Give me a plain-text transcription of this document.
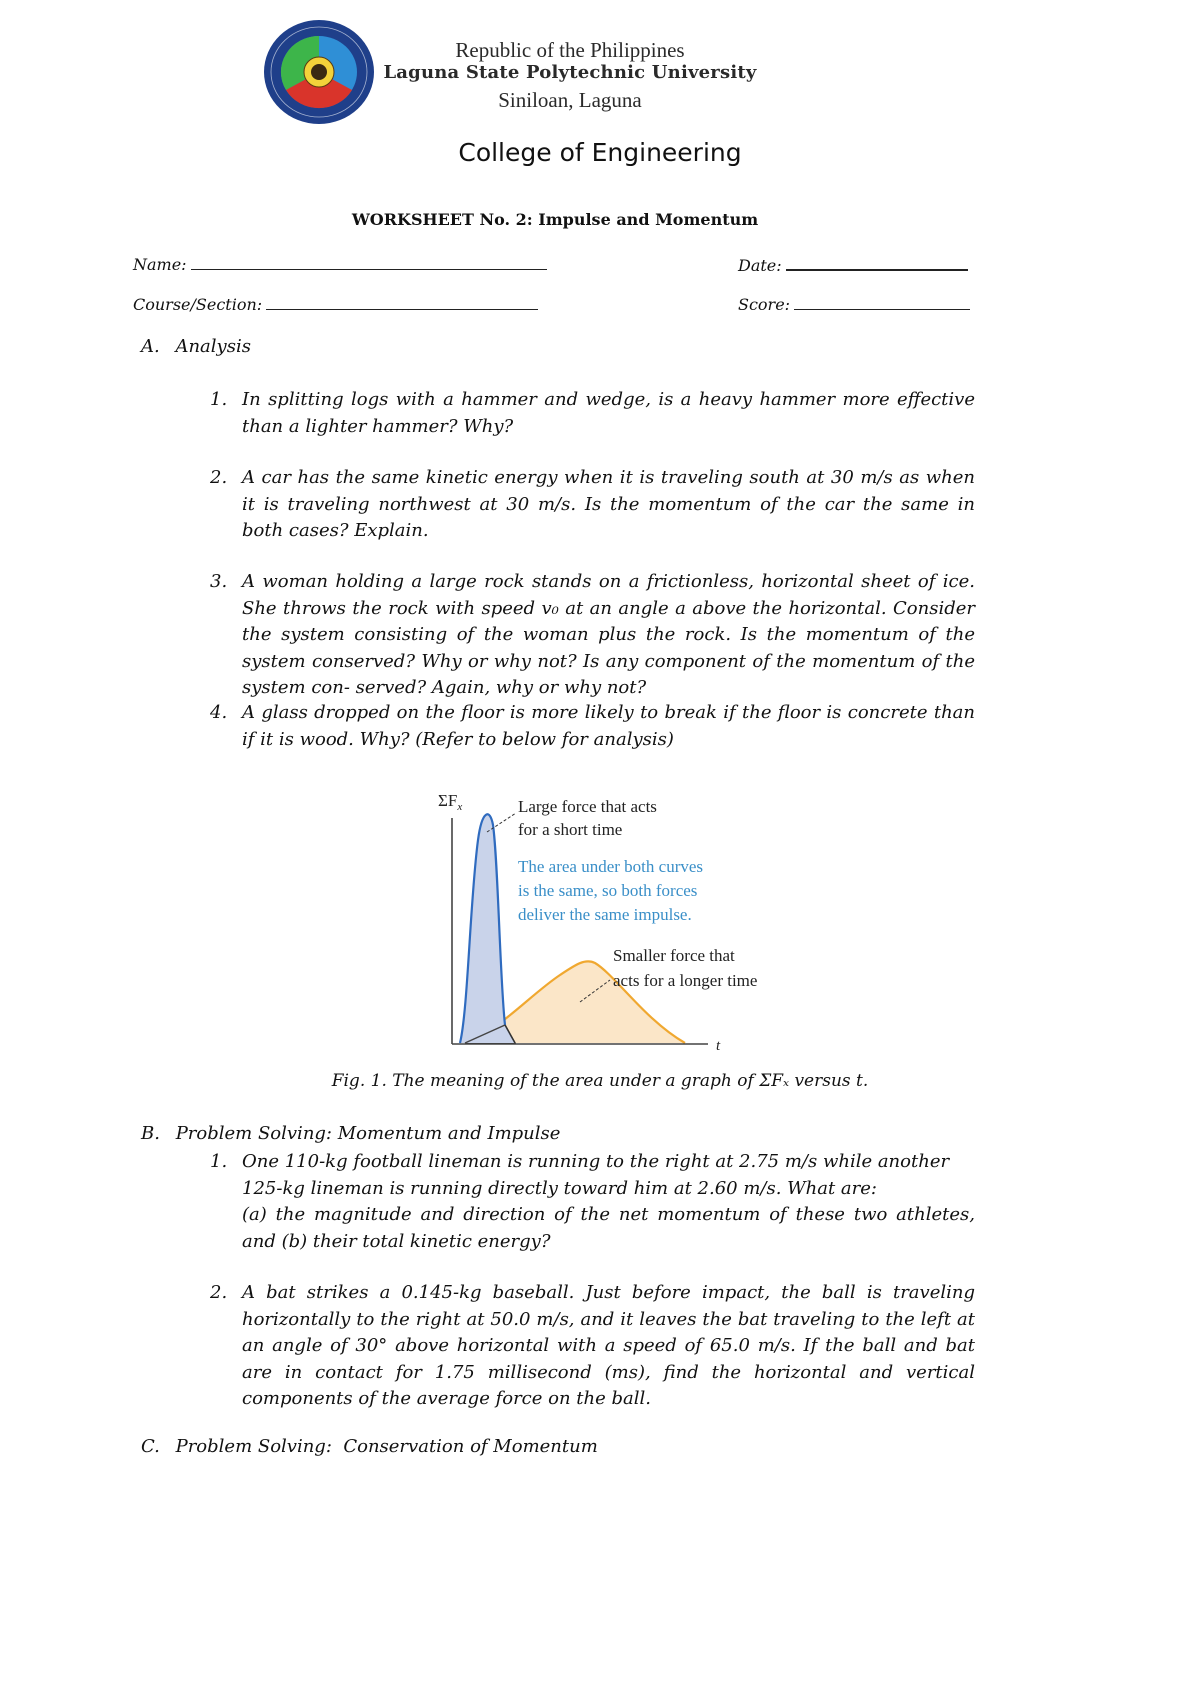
Republic of the Philippines
Laguna State Polytechnic University
Siniloan, Laguna
College of Engineering
WORKSHEET No. 2: Impulse and Momentum
Name:	Date:
Course/Section:	Score:
A. Analysis
1. In splitting logs with a hammer and wedge, is a heavy hammer more effective than a lighter hammer? Why?
2. A car has the same kinetic energy when it is traveling south at 30 m/s as when it is traveling northwest at 30 m/s. Is the momentum of the car the same in both cases? Explain.
3. A woman holding a large rock stands on a frictionless, horizontal sheet of ice. She throws the rock with speed v₀ at an angle a above the horizontal. Consider the system consisting of the woman plus the rock. Is the momentum of the system conserved? Why or why not? Is any component of the momentum of the system con- served? Again, why or why not?
4. A glass dropped on the floor is more likely to break if the floor is concrete than if it is wood. Why? (Refer to below for analysis)
$\Sigma F_x$
t
Large force that acts
for a short time
The area under both curves
is the same, so both forces
deliver the same impulse.
Smaller force that
acts for a longer time
Fig. 1. The meaning of the area under a graph of ΣFₓ versus t.
B. Problem Solving: Momentum and Impulse
1. One 110-kg football lineman is running to the right at 2.75 m/s while another 125-kg lineman is running directly toward him at 2.60 m/s. What are:
(a) the magnitude and direction of the net momentum of these two athletes, and (b) their total kinetic energy?
2. A bat strikes a 0.145-kg baseball. Just before impact, the ball is traveling horizontally to the right at 50.0 m/s, and it leaves the bat traveling to the left at an angle of 30° above horizontal with a speed of 65.0 m/s. If the ball and bat are in contact for 1.75 millisecond (ms), find the horizontal and vertical components of the average force on the ball.
C. Problem Solving:  Conservation of Momentum
